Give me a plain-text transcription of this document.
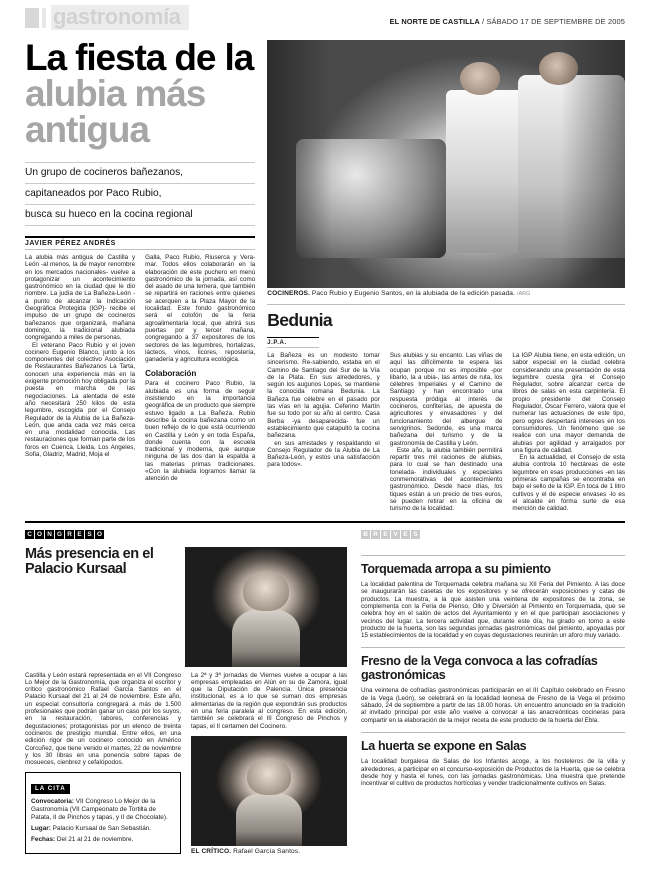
gastronomía	EL NORTE DE CASTILLA / SÁBADO 17 DE SEPTIEMBRE DE 2005
La fiesta de la alubia más antigua
Un grupo de cocineros bañezanos,
capitaneados por Paco Rubio,
busca su hueco en la cocina regional
JAVIER PÉREZ ANDRÉS

La alubia más antigua de Castilla y León -al menos, la de mayor renombre en los mercados nacionales- vuelve a protagonizar un acontecimiento gastronómico en la ciudad que le dio nombre. La judía de La Bañeza-León -a punto de alcanzar la Indicación Geográfica Protegida (IGP)- recibe el impulso de un grupo de cocineros bañezanos que organizará, mañana domingo, la tradicional alubiada congregando a miles de personas.

El veterano Paco Rubio y el joven cocinero Eugenio Blanco, junto a los componentes del colectivo Asociación de Restaurantes Bañezanos La Tarta, conocen una experiencia más en la exigente promoción hoy obligada por la puesta en marcha de las negociaciones. La alentada de este año necesitará 250 kilos de esta legumbre, escogida por el Consejo Regulador de la Alubia de La Bañeza-León, que anda cada vez más cerca en una modalidad conocida. Las restauraciones que forman parte de los foros en Cuenca, Lleida, Los Angeles, Sofia, Gladriz, Madrid, Moja el

Galla, Paco Rubio, Riuserca y Vera-mar. Todos ellos colaborarán en la elaboración de este puchero en menú gastronómico de la jornada, así como del asado de una ternera, que también se repartirá en raciones entre quienes se acerquen a la Plaza Mayor de la localidad. Este fondo gastronómico será el colofón de la feria agroalimentaria local, que abrirá sus puertas por y tercer mañana, congregando a 37 expositores de los sectores de las legumbres, hortalizas, lácteos, vinos, licores, repostería, ganadería y agricultura ecológica.

Colaboración

Para el cocinero Paco Rubio, la alubiada es una forma de seguir insistiendo en la importancia geográfica de un producto que siempre estuvo ligado a La Bañeza. Rubio describe la cocina bañezana como un buen reflejo de lo que está ocurriendo en Castilla y León y en toda España, donde cuenta con la escuela tradicional y moderna, que aunque ninguna de las dos dan la espalda a las materias primas tradicionales. «Con la alubiada logramos llamar la atención de

COCINEROS. Paco Rubio y Eugenio Santos, en la alubiada de la edición pasada. /ARG
Bedunia
J.P.A.

La Bañeza es un modesto tomar sincerismo. Re-sabiendo, estaba en el Camino de Santiago del Sur de la Vía de la Plata. En sus alrededores, y según los augurios Lopes, se mantiene la conocida romana Bedunia. La Bañeza fue célebre en el pasado por las vías en la agujia. Ceferino Martín fue su todo por su año al centro. Casa Berba -ya desaparecida- fue un establecimiento que catapultó la cocina bañezana.

en sus amistades y respaldando el Consejo Regulador de la Alubia de La Bañeza-León, y estos una satisfacción para todos».

Sus alubias y su encanto. Las viñas de aquí las difícilmente te espera las ocupan porque no es imposible -por libarlo, la a ubia-, las antes de ruta, los célebres Imperiales y el Camino de Santiago y han encontrado una respuesta pródiga al interés de cocineros, confiterías, de apuesta de agricultores y envasadores y del funcionamiento del albergue de servigrinos. Sedonde, es una marca bañezana del turismo y de la gastronomía de Castilla y León.

Este año, la alubia también permitirá repartir tres mil raciones de alubias, para lo cual se han destinado una tonelada- individuales y especiales conmemorativas del acontecimiento gastronómico. Desde hace días, los tiques están a un precio de tres euros, se pueden retirar en la oficina de turismo de la localidad.

La IGP Alubia tiene, en esta edición, un sabor especial en la ciudad celebra considerando una presentación de esta legumbre cuesta gira el Consejo Regulador, sobre alcanzar cerca de libros de salas en esta carpintería. El propio presidente del Consejo Regulador, Óscar Ferrero, valora que el numerar las actuaciones de este tipo, pero ogres despertará intereses en los consumidores. Un fenómeno que se realice con una mayor demanda de alubias por agilidad y arraigados por una figura de calidad.

En la actualidad, el Consejo de esta alubia controla 10 hectáreas de este legumbre en esas producciones -en las primeras campañas se encontraba en bajo el sello de la IGP. En toca de 1 litro cultivos y el de especie envases -lo es el alcalde en forma surte de esa mención de calidad.

C O N G R E S O
Más presencia en el Palacio Kursaal

Castilla y León estará representada en el VII Congreso Lo Mejor de la Gastronomía, que organiza el escritor y crítico gastronómico Rafael García Santos en el Palacio Kursaal del 21 al 24 de noviembre. Este año, un especial consultoría congregará a más de 1.500 profesionales que podrán ganar un caso por los suyos, en la restauración, labores, conferencias y degustaciones; protagonistas por un elenco de treinta cocineros de prestigio mundial. Entre ellos, en una edición rigor de un cocinero conocido en Américo Corcuñez, que tiene venido el martes, 22 de noviembre y los 30 libras en una ponencia sobre tapas de mosueces, cienbrez y cefalópodos.

LA CITA

Convocatoria: VII Congreso Lo Mejor de la Gastronomía (VII Campeonato de Tortilla de Patata, II de Pinchos y tapas, y II de Chocolate).

Lugar: Palacio Kursaal de San Sebastián.

Fechas: Del 21 al 21 de noviembre.

La 2ª y 3ª jornadas de Viernes vuelve a ocupar a las empresas empleadas en Alún en su de Zamora, igual que la Diputación de Palencia. Única presencia institucional, es a lo que se suman dos empresas alimentarias de la región que expondrán sus productos en una feria paralela al congreso. En esta edición, también se celebrará el III Congreso de Pinchos y tapas, el II certamen del Cocinero.

EL CRÍTICO. Rafael García Santos.
B R E V E S
Torquemada arropa a su pimiento

La localidad palentina de Torquemada celebra mañana su XII Feria del Pimiento. A las doce se inaugurarán las casetas de los expositores y se ofrecerán exposiciones y catas de productos. La muestra, a la que asisten una veintena de expositores de la zona, se complementa con la Feria de Pienso, Ollo y Diversión al Pimiento en Torquemada, que se celebra hoy en el salón de actos del Ayuntamiento y en el que participan asociaciones y vecinos del lugar. La tercera actividad que, durante este día, ha girado en torno a este producto de la huerta, son las segundas jornadas gastronómicas del pimiento, apoyadas por 15 establecimientos de la localidad y en cuyas degustaciones reunirán un aforo muy variado.

Fresno de la Vega convoca a las cofradías gastronómicas

Una veintena de cofradías gastronómicas participarán en el III Capítulo celebrado en Fresno de la Vega (León), se celebrará en la localidad leonesa de Fresno de la Vega el próximo sábado, 24 de septiembre a partir de las 18.00 horas. Un encuentro anunciado en la tradición al invitado principal por este año vuelve a convocar a las anacreónticas cocineras para compartir en la elaboración de la mejor receta de este producto de la huerta del Ebla.

La huerta se expone en Salas

La localidad burgalesa de Salas de los Infantes acoge, a los hosteleros de la villa y alrededores, a participar en el concurso-exposición de Productos de la Huerta, que se celebra desde hoy y hasta el lunes, con las jornadas gastronómicas. Una muestra que pretende incentivar el cultivo de productos hortícolas y vender tradicionalmente cultivos en Salas.
